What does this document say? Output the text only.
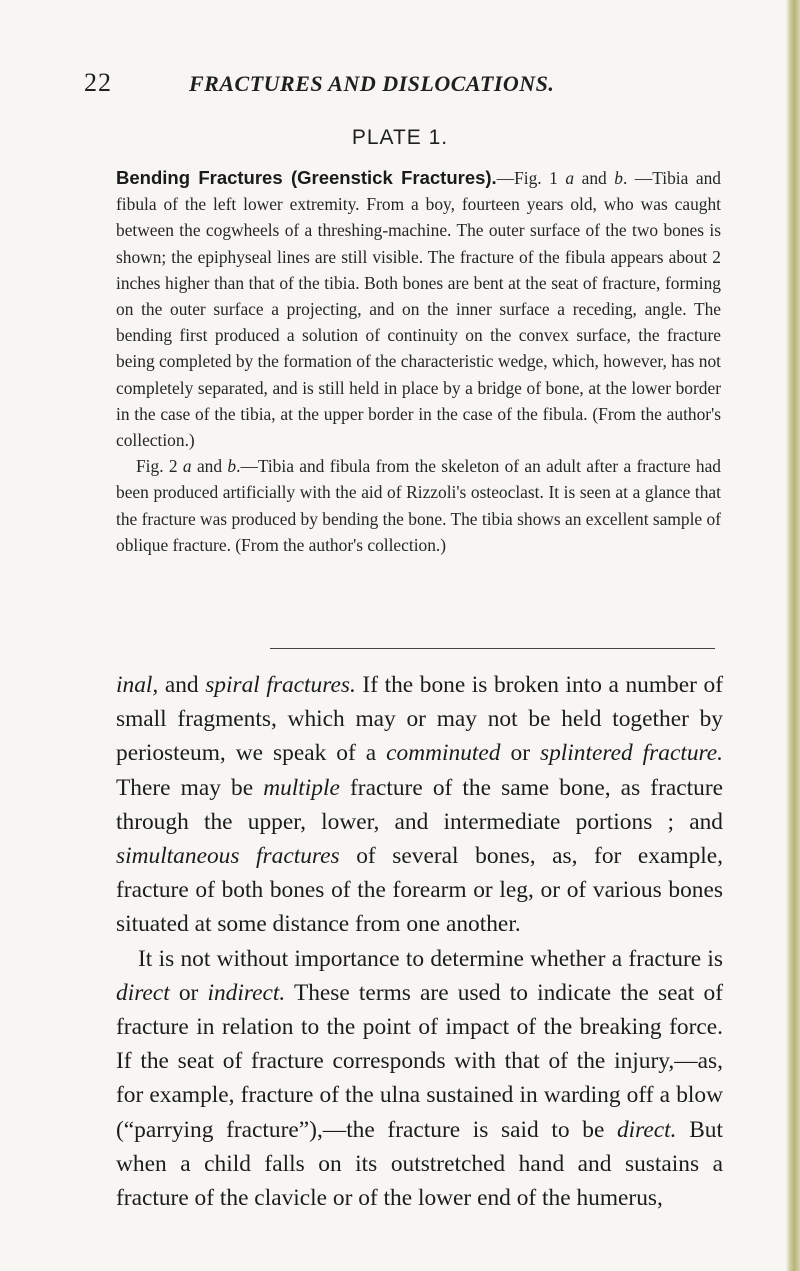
22	FRACTURES AND DISLOCATIONS.
PLATE 1.

Bending Fractures (Greenstick Fractures).—Fig. 1 a and b. —Tibia and fibula of the left lower extremity. From a boy, fourteen years old, who was caught between the cogwheels of a threshing-machine. The outer surface of the two bones is shown; the epiphyseal lines are still visible. The fracture of the fibula appears about 2 inches higher than that of the tibia. Both bones are bent at the seat of fracture, forming on the outer surface a projecting, and on the inner surface a receding, angle. The bending first produced a solution of continuity on the convex surface, the fracture being completed by the formation of the characteristic wedge, which, however, has not completely separated, and is still held in place by a bridge of bone, at the lower border in the case of the tibia, at the upper border in the case of the fibula. (From the author's collection.)

Fig. 2 a and b.—Tibia and fibula from the skeleton of an adult after a fracture had been produced artificially with the aid of Rizzoli's osteoclast. It is seen at a glance that the fracture was produced by bending the bone. The tibia shows an excellent sample of oblique fracture. (From the author's collection.)

inal, and spiral fractures. If the bone is broken into a number of small fragments, which may or may not be held together by periosteum, we speak of a comminuted or splintered fracture. There may be multiple fracture of the same bone, as fracture through the upper, lower, and intermediate portions ; and simultaneous fractures of several bones, as, for example, fracture of both bones of the forearm or leg, or of various bones situated at some distance from one another.

It is not without importance to determine whether a fracture is direct or indirect. These terms are used to indicate the seat of fracture in relation to the point of impact of the breaking force. If the seat of fracture corresponds with that of the injury,—as, for example, fracture of the ulna sustained in warding off a blow (“parrying fracture”),—the fracture is said to be direct. But when a child falls on its outstretched hand and sustains a fracture of the clavicle or of the lower end of the humerus,
